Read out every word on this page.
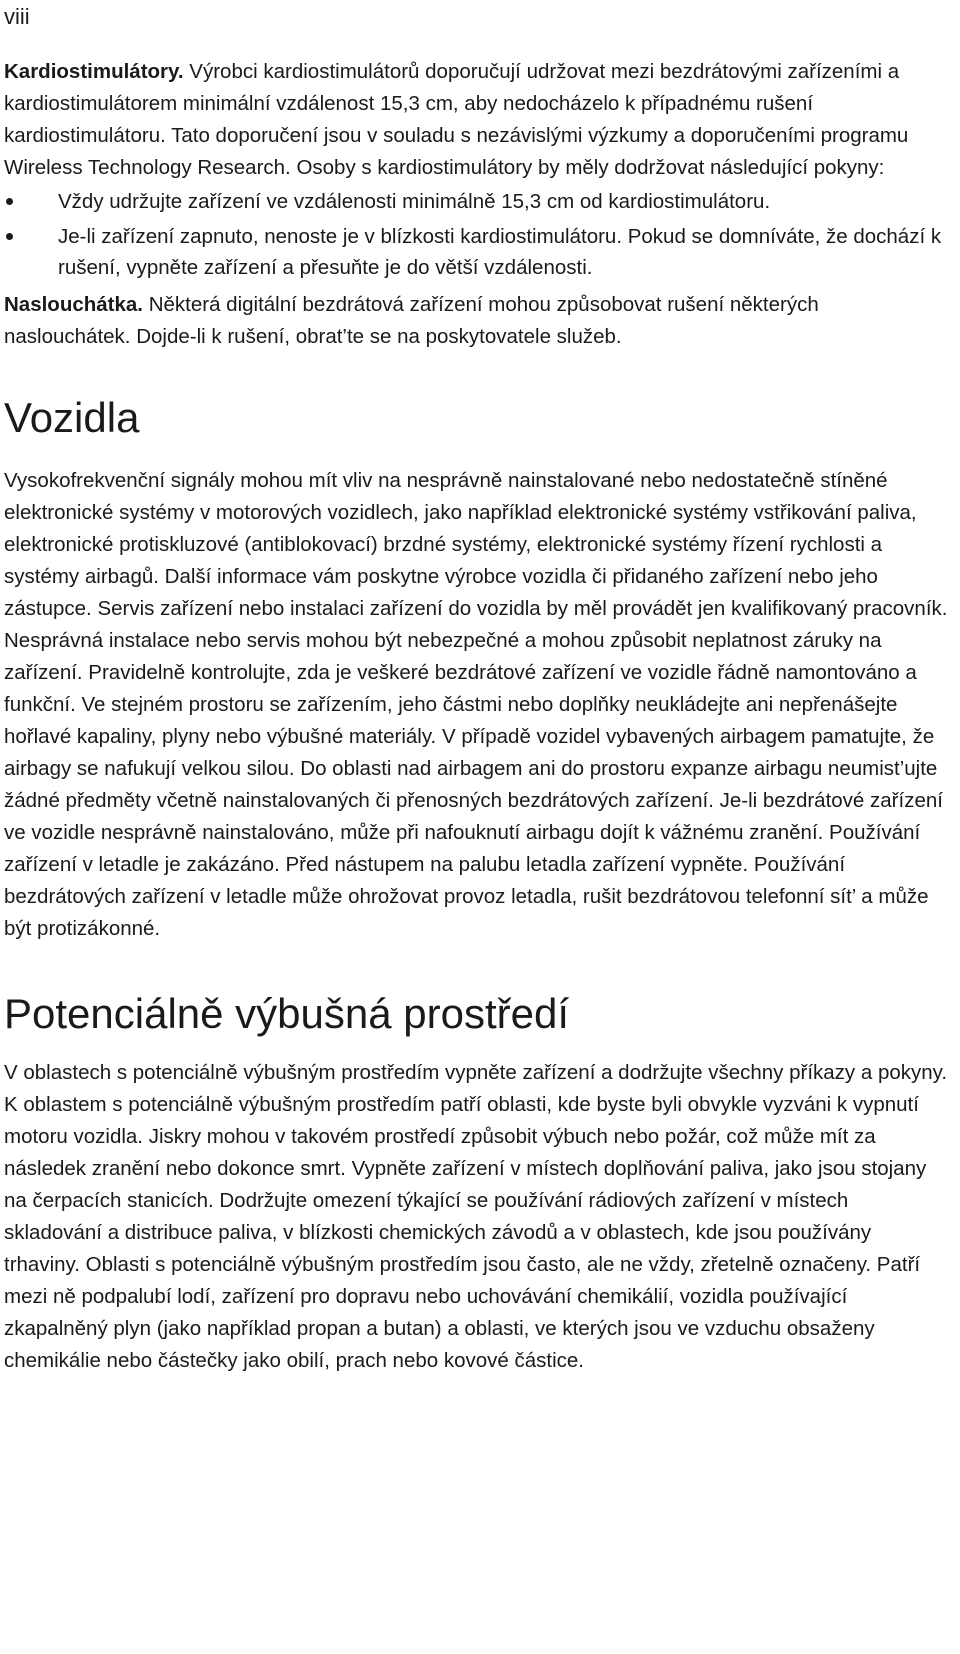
viii

Kardiostimulátory. Výrobci kardiostimulátorů doporučují udržovat mezi bezdrátovými zařízeními a kardiostimulátorem minimální vzdálenost 15,3 cm, aby nedocházelo k případnému rušení kardiostimulátoru. Tato doporučení jsou v souladu s nezávislými výzkumy a doporučeními programu Wireless Technology Research. Osoby s kardiostimulátory by měly dodržovat následující pokyny:

Vždy udržujte zařízení ve vzdálenosti minimálně 15,3 cm od kardiostimulátoru.
Je-li zařízení zapnuto, nenoste je v blízkosti kardiostimulátoru. Pokud se domníváte, že dochází k rušení, vypněte zařízení a přesuňte je do větší vzdálenosti.

Naslouchátka. Některá digitální bezdrátová zařízení mohou způsobovat rušení některých naslouchátek. Dojde-li k rušení, obrat’te se na poskytovatele služeb.

Vozidla

Vysokofrekvenční signály mohou mít vliv na nesprávně nainstalované nebo nedostatečně stíněné elektronické systémy v motorových vozidlech, jako například elektronické systémy vstřikování paliva, elektronické protiskluzové (antiblokovací) brzdné systémy, elektronické systémy řízení rychlosti a systémy airbagů. Další informace vám poskytne výrobce vozidla či přidaného zařízení nebo jeho zástupce. Servis zařízení nebo instalaci zařízení do vozidla by měl provádět jen kvalifikovaný pracovník. Nesprávná instalace nebo servis mohou být nebezpečné a mohou způsobit neplatnost záruky na zařízení. Pravidelně kontrolujte, zda je veškeré bezdrátové zařízení ve vozidle řádně namontováno a funkční. Ve stejném prostoru se zařízením, jeho částmi nebo doplňky neukládejte ani nepřenášejte hořlavé kapaliny, plyny nebo výbušné materiály. V případě vozidel vybavených airbagem pamatujte, že airbagy se nafukují velkou silou. Do oblasti nad airbagem ani do prostoru expanze airbagu neumist’ujte žádné předměty včetně nainstalovaných či přenosných bezdrátových zařízení. Je-li bezdrátové zařízení ve vozidle nesprávně nainstalováno, může při nafouknutí airbagu dojít k vážnému zranění. Používání zařízení v letadle je zakázáno. Před nástupem na palubu letadla zařízení vypněte. Používání bezdrátových zařízení v letadle může ohrožovat provoz letadla, rušit bezdrátovou telefonní sít’ a může být protizákonné.

Potenciálně výbušná prostředí

V oblastech s potenciálně výbušným prostředím vypněte zařízení a dodržujte všechny příkazy a pokyny. K oblastem s potenciálně výbušným prostředím patří oblasti, kde byste byli obvykle vyzváni k vypnutí motoru vozidla. Jiskry mohou v takovém prostředí způsobit výbuch nebo požár, což může mít za následek zranění nebo dokonce smrt. Vypněte zařízení v místech doplňování paliva, jako jsou stojany na čerpacích stanicích. Dodržujte omezení týkající se používání rádiových zařízení v místech skladování a distribuce paliva, v blízkosti chemických závodů a v oblastech, kde jsou používány trhaviny. Oblasti s potenciálně výbušným prostředím jsou často, ale ne vždy, zřetelně označeny. Patří mezi ně podpalubí lodí, zařízení pro dopravu nebo uchovávání chemikálií, vozidla používající zkapalněný plyn (jako například propan a butan) a oblasti, ve kterých jsou ve vzduchu obsaženy chemikálie nebo částečky jako obilí, prach nebo kovové částice.
